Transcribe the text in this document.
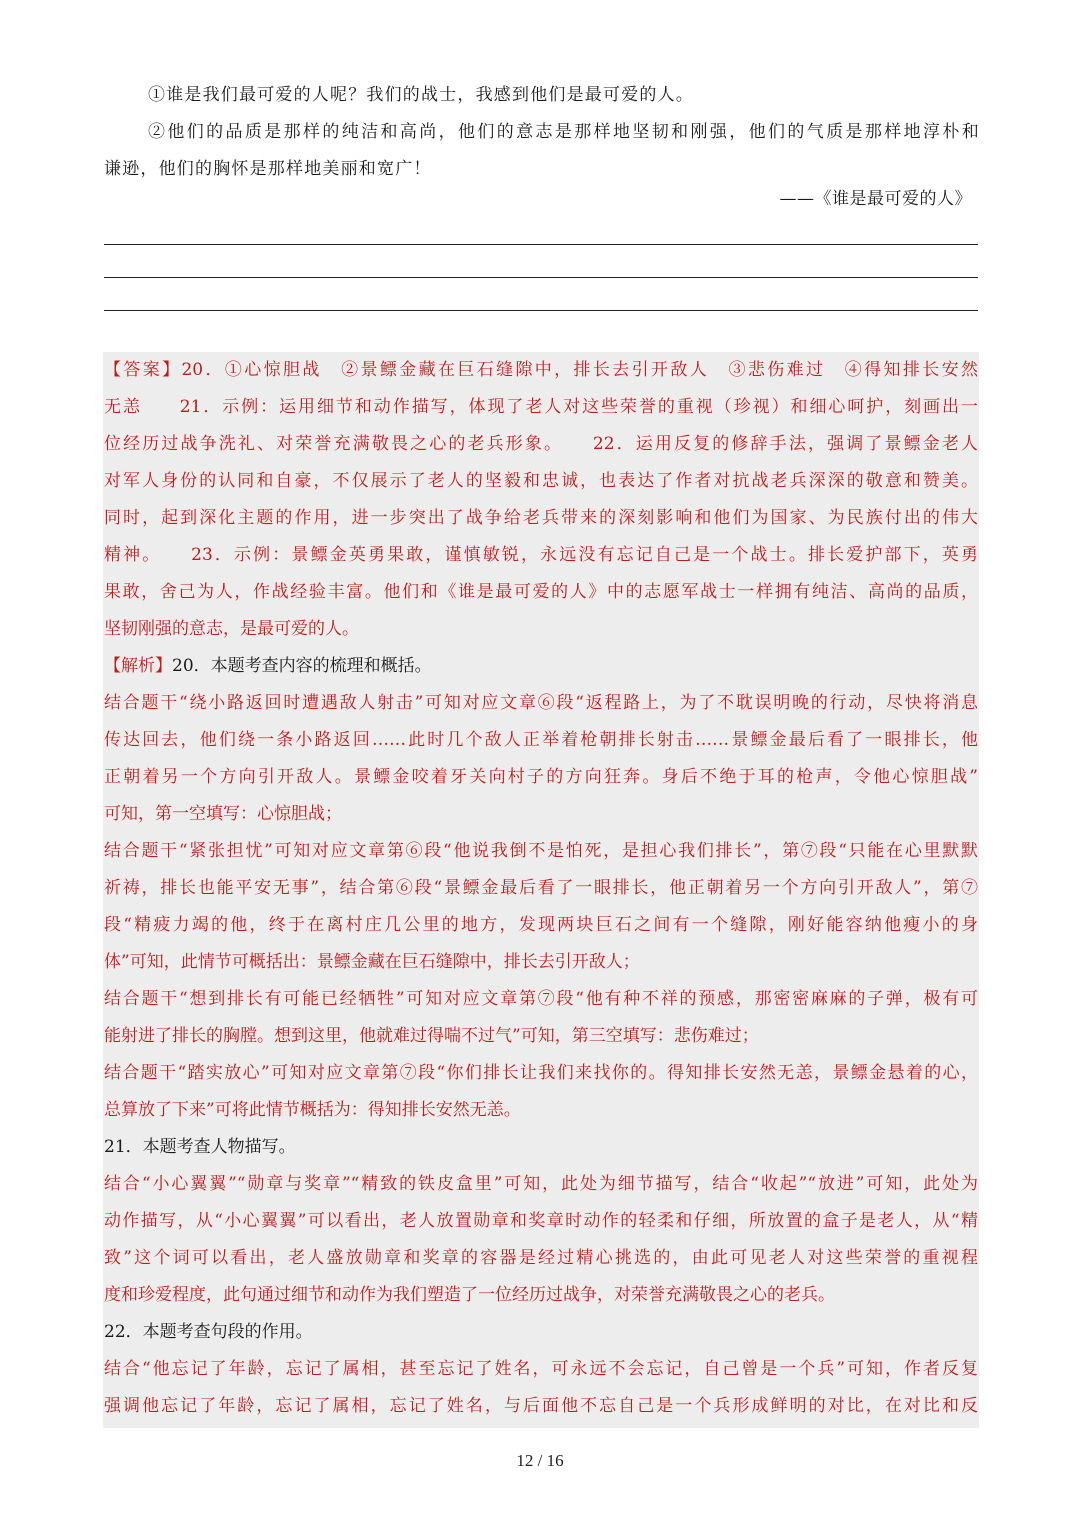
①谁是我们最可爱的人呢？我们的战士，我感到他们是最可爱的人。
②他们的品质是那样的纯洁和高尚，他们的意志是那样地坚韧和刚强，他们的气质是那样地淳朴和
谦逊，他们的胸怀是那样地美丽和宽广！
——《谁是最可爱的人》
【答案】20．①心惊胆战　②景鳔金藏在巨石缝隙中，排长去引开敌人　③悲伤难过　④得知排长安然
无恙　　21．示例：运用细节和动作描写，体现了老人对这些荣誉的重视（珍视）和细心呵护，刻画出一
位经历过战争洗礼、对荣誉充满敬畏之心的老兵形象。　　22．运用反复的修辞手法，强调了景鳔金老人
对军人身份的认同和自豪，不仅展示了老人的坚毅和忠诚，也表达了作者对抗战老兵深深的敬意和赞美。
同时，起到深化主题的作用，进一步突出了战争给老兵带来的深刻影响和他们为国家、为民族付出的伟大
精神。　　23．示例：景鳔金英勇果敢，谨慎敏锐，永远没有忘记自己是一个战士。排长爱护部下，英勇
果敢，舍己为人，作战经验丰富。他们和《谁是最可爱的人》中的志愿军战士一样拥有纯洁、高尚的品质，
坚韧刚强的意志，是最可爱的人。
【解析】20．本题考查内容的梳理和概括。
结合题干“绕小路返回时遭遇敌人射击”可知对应文章⑥段“返程路上，为了不耽误明晚的行动，尽快将消息
传达回去，他们绕一条小路返回……此时几个敌人正举着枪朝排长射击……景鳔金最后看了一眼排长，他
正朝着另一个方向引开敌人。景鳔金咬着牙关向村子的方向狂奔。身后不绝于耳的枪声，令他心惊胆战”
可知，第一空填写：心惊胆战；
结合题干“紧张担忧”可知对应文章第⑥段“他说我倒不是怕死，是担心我们排长”，第⑦段“只能在心里默默
祈祷，排长也能平安无事”，结合第⑥段“景鳔金最后看了一眼排长，他正朝着另一个方向引开敌人”，第⑦
段“精疲力竭的他，终于在离村庄几公里的地方，发现两块巨石之间有一个缝隙，刚好能容纳他瘦小的身
体”可知，此情节可概括出：景鳔金藏在巨石缝隙中，排长去引开敌人；
结合题干“想到排长有可能已经牺牲”可知对应文章第⑦段“他有种不祥的预感，那密密麻麻的子弹，极有可
能射进了排长的胸膛。想到这里，他就难过得喘不过气”可知，第三空填写：悲伤难过；
结合题干“踏实放心”可知对应文章第⑦段“你们排长让我们来找你的。得知排长安然无恙，景鳔金悬着的心，
总算放了下来”可将此情节概括为：得知排长安然无恙。
21．本题考查人物描写。
结合“小心翼翼”“勋章与奖章”“精致的铁皮盒里”可知，此处为细节描写，结合“收起”“放进”可知，此处为
动作描写，从“小心翼翼”可以看出，老人放置勋章和奖章时动作的轻柔和仔细，所放置的盒子是老人，从“精
致”这个词可以看出，老人盛放勋章和奖章的容器是经过精心挑选的，由此可见老人对这些荣誉的重视程
度和珍爱程度，此句通过细节和动作为我们塑造了一位经历过战争，对荣誉充满敬畏之心的老兵。
22．本题考查句段的作用。
结合“他忘记了年龄，忘记了属相，甚至忘记了姓名，可永远不会忘记，自己曾是一个兵”可知，作者反复
强调他忘记了年龄，忘记了属相，忘记了姓名，与后面他不忘自己是一个兵形成鲜明的对比，在对比和反
12 / 16
